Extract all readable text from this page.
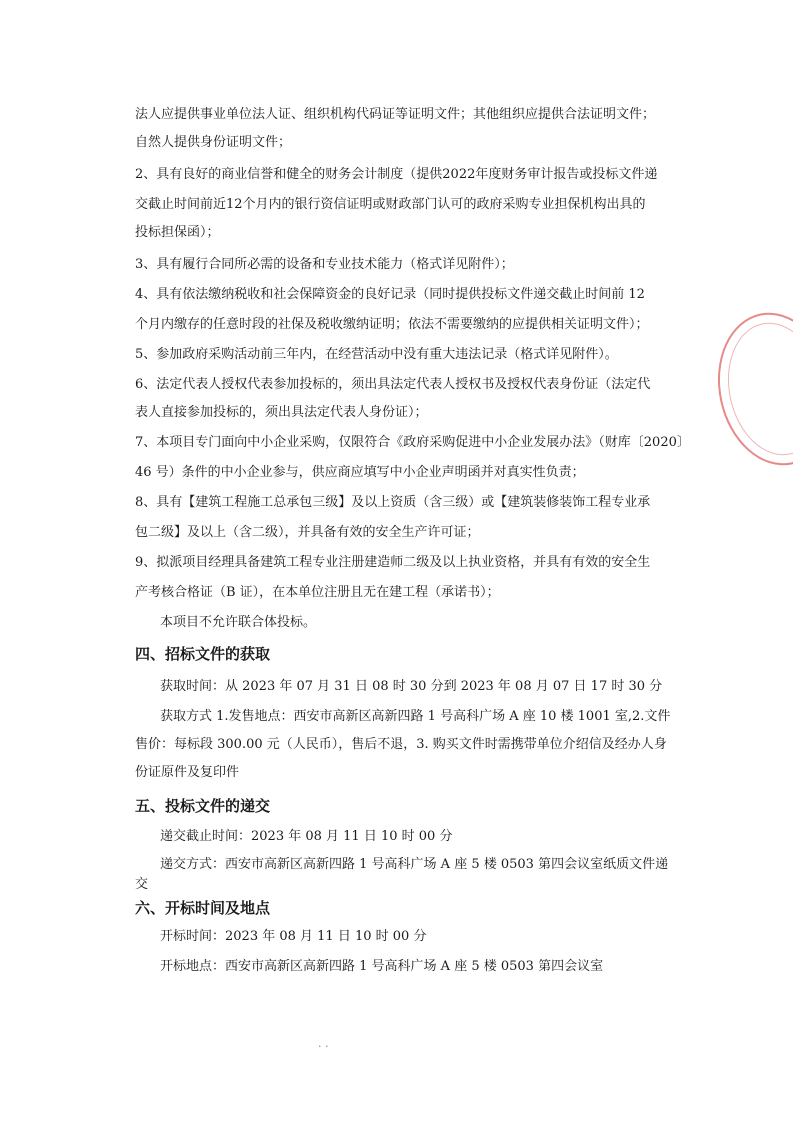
法人应提供事业单位法人证、组织机构代码证等证明文件；其他组织应提供合法证明文件；
自然人提供身份证明文件；
2、具有良好的商业信誉和健全的财务会计制度（提供2022年度财务审计报告或投标文件递
交截止时间前近12个月内的银行资信证明或财政部门认可的政府采购专业担保机构出具的
投标担保函）；
3、具有履行合同所必需的设备和专业技术能力（格式详见附件）；
4、具有依法缴纳税收和社会保障资金的良好记录（同时提供投标文件递交截止时间前 12
个月内缴存的任意时段的社保及税收缴纳证明；依法不需要缴纳的应提供相关证明文件）；
5、参加政府采购活动前三年内，在经营活动中没有重大违法记录（格式详见附件）。
6、法定代表人授权代表参加投标的，须出具法定代表人授权书及授权代表身份证（法定代
表人直接参加投标的，须出具法定代表人身份证）；
7、本项目专门面向中小企业采购，仅限符合《政府采购促进中小企业发展办法》（财库〔2020〕
46 号）条件的中小企业参与，供应商应填写中小企业声明函并对真实性负责；
8、具有【建筑工程施工总承包三级】及以上资质（含三级）或【建筑装修装饰工程专业承
包二级】及以上（含二级），并具备有效的安全生产许可证；
9、拟派项目经理具备建筑工程专业注册建造师二级及以上执业资格，并具有有效的安全生
产考核合格证（B 证），在本单位注册且无在建工程（承诺书）；
本项目不允许联合体投标。
获取时间：从 2023 年 07 月 31 日 08 时 30 分到 2023 年 08 月 07 日 17 时 30 分
获取方式 1.发售地点：西安市高新区高新四路 1 号高科广场 A 座 10 楼 1001 室,2.文件
售价：每标段 300.00 元（人民币），售后不退，3. 购买文件时需携带单位介绍信及经办人身
份证原件及复印件
递交截止时间：2023 年 08 月 11 日 10 时 00 分
递交方式：西安市高新区高新四路 1 号高科广场 A 座 5 楼 0503 第四会议室纸质文件递
交
开标时间：2023 年 08 月 11 日 10 时 00 分
开标地点：西安市高新区高新四路 1 号高科广场 A 座 5 楼 0503 第四会议室
四、招标文件的获取
五、投标文件的递交
六、开标时间及地点
· ·
